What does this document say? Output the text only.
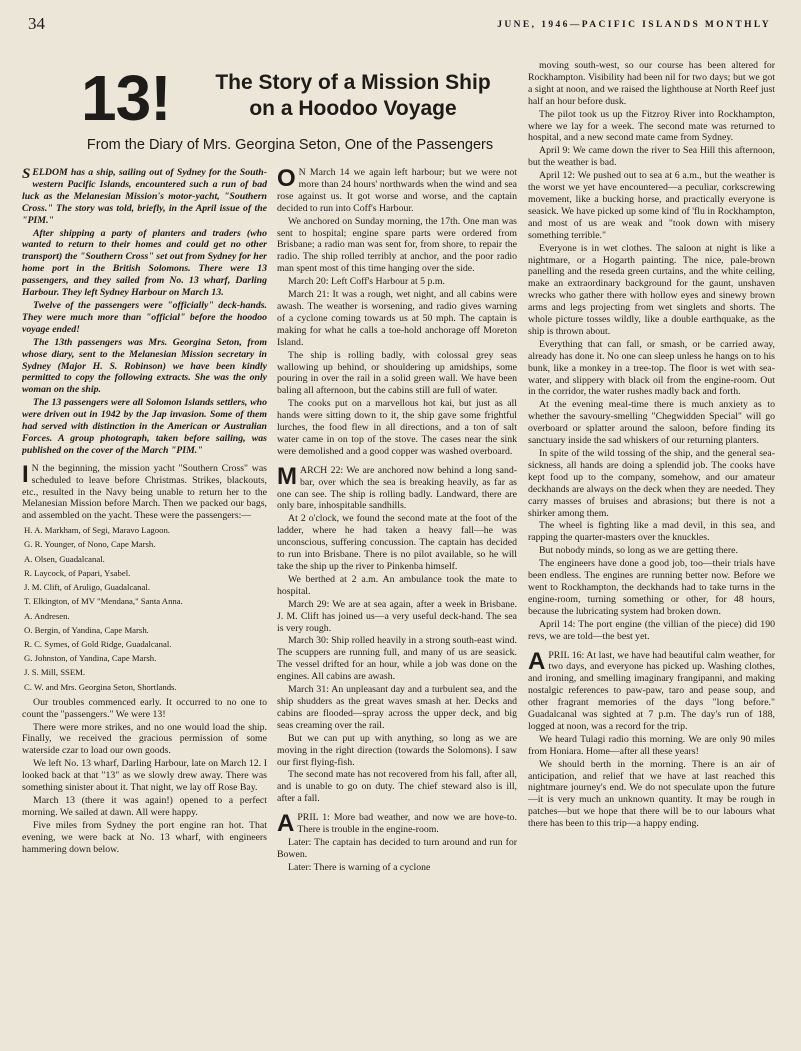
34	JUNE, 1946—PACIFIC ISLANDS MONTHLY
13!	The Story of a Mission Ship
on a Hoodoo Voyage
From the Diary of Mrs. Georgina Seton, One of the Passengers

SELDOM has a ship, sailing out of Sydney for the South-western Pacific Islands, encountered such a run of bad luck as the Melanesian Mission's motor-yacht, "Southern Cross." The story was told, briefly, in the April issue of the "PIM."

After shipping a party of planters and traders (who wanted to return to their homes and could get no other transport) the "Southern Cross" set out from Sydney for her home port in the British Solomons. There were 13 passengers, and they sailed from No. 13 wharf, Darling Harbour. They left Sydney Harbour on March 13.

Twelve of the passengers were "officially" deck-hands. They were much more than "official" before the hoodoo voyage ended!

The 13th passengers was Mrs. Georgina Seton, from whose diary, sent to the Melanesian Mission secretary in Sydney (Major H. S. Robinson) we have been kindly permitted to copy the following extracts. She was the only woman on the ship.

The 13 passengers were all Solomon Islands settlers, who were driven out in 1942 by the Jap invasion. Some of them had served with distinction in the American or Australian Forces. A group photograph, taken before sailing, was published on the cover of the March "PIM."

I N the beginning, the mission yacht "Southern Cross" was scheduled to leave before Christmas. Strikes, blackouts, etc., resulted in the Navy being unable to return her to the Melanesian Mission before March. Then we packed our bags, and assembled on the yacht. These were the passengers:—

H. A. Markham, of Segi, Maravo Lagoon.
G. R. Younger, of Nono, Cape Marsh.
A. Olsen, Guadalcanal.
R. Laycock, of Papari, Ysabel.
J. M. Clift, of Aruligo, Guadalcanal.
T. Elkington, of MV "Mendana," Santa Anna.
A. Andresen.
O. Bergin, of Yandina, Cape Marsh.
R. C. Symes, of Gold Ridge, Guadalcanal.
G. Johnston, of Yandina, Cape Marsh.
J. S. Mill, SSEM.
C. W. and Mrs. Georgina Seton, Shortlands.

Our troubles commenced early. It occurred to no one to count the "passengers." We were 13!

There were more strikes, and no one would load the ship. Finally, we received the gracious permission of some waterside czar to load our own goods.

We left No. 13 wharf, Darling Harbour, late on March 12. I looked back at that "13" as we slowly drew away. There was something sinister about it. That night, we lay off Rose Bay.

March 13 (there it was again!) opened to a perfect morning. We sailed at dawn. All were happy.

Five miles from Sydney the port engine ran hot. That evening, we were back at No. 13 wharf, with engineers hammering down below.

O N March 14 we again left harbour; but we were not more than 24 hours' northwards when the wind and sea rose against us. It got worse and worse, and the captain decided to run into Coff's Harbour.

We anchored on Sunday morning, the 17th. One man was sent to hospital; engine spare parts were ordered from Brisbane; a radio man was sent for, from shore, to repair the radio. The ship rolled terribly at anchor, and the poor radio man spent most of this time hanging over the side.

March 20: Left Coff's Harbour at 5 p.m.

March 21: It was a rough, wet night, and all cabins were awash. The weather is worsening, and radio gives warning of a cyclone coming towards us at 50 mph. The captain is making for what he calls a toe-hold anchorage off Moreton Island.

The ship is rolling badly, with colossal grey seas wallowing up behind, or shouldering up amidships, some pouring in over the rail in a solid green wall. We have been baling all afternoon, but the cabins still are full of water.

The cooks put on a marvellous hot kai, but just as all hands were sitting down to it, the ship gave some frightful lurches, the food flew in all directions, and a ton of salt water came in on top of the stove. The cases near the sink were demolished and a good copper was washed overboard.

MARCH 22: We are anchored now behind a long sand-bar, over which the sea is breaking heavily, as far as one can see. The ship is rolling badly. Landward, there are only bare, inhospitable sandhills.

At 2 o'clock, we found the second mate at the foot of the ladder, where he had taken a heavy fall—he was unconscious, suffering concussion. The captain has decided to run into Brisbane. There is no pilot available, so he will take the ship up the river to Pinkenba himself.

We berthed at 2 a.m. An ambulance took the mate to hospital.

March 29: We are at sea again, after a week in Brisbane. J. M. Clift has joined us—a very useful deck-hand. The sea is very rough.

March 30: Ship rolled heavily in a strong south-east wind. The scuppers are running full, and many of us are seasick. The vessel drifted for an hour, while a job was done on the engines. All cabins are awash.

March 31: An unpleasant day and a turbulent sea, and the ship shudders as the great waves smash at her. Decks and cabins are flooded—spray across the upper deck, and big seas creaming over the rail.

But we can put up with anything, so long as we are moving in the right direction (towards the Solomons). I saw our first flying-fish.

The second mate has not recovered from his fall, after all, and is unable to go on duty. The chief steward also is ill, after a fall.

APRIL 1: More bad weather, and now we are hove-to. There is trouble in the engine-room.

Later: The captain has decided to turn around and run for Bowen.

Later: There is warning of a cyclone

moving south-west, so our course has been altered for Rockhampton. Visibility had been nil for two days; but we got a sight at noon, and we raised the lighthouse at North Reef just half an hour before dusk.

The pilot took us up the Fitzroy River into Rockhampton, where we lay for a week. The second mate was returned to hospital, and a new second mate came from Sydney.

April 9: We came down the river to Sea Hill this afternoon, but the weather is bad.

April 12: We pushed out to sea at 6 a.m., but the weather is the worst we yet have encountered—a peculiar, corkscrewing movement, like a bucking horse, and practically everyone is seasick. We have picked up some kind of 'flu in Rockhampton, and most of us are weak and "took down with misery something terrible."

Everyone is in wet clothes. The saloon at night is like a nightmare, or a Hogarth painting. The nice, pale-brown panelling and the reseda green curtains, and the white ceiling, make an extraordinary background for the gaunt, unshaven wrecks who gather there with hollow eyes and sinewy brown arms and legs projecting from wet singlets and shorts. The whole picture tosses wildly, like a double earthquake, as the ship is thrown about.

Everything that can fall, or smash, or be carried away, already has done it. No one can sleep unless he hangs on to his bunk, like a monkey in a tree-top. The floor is wet with sea-water, and slippery with black oil from the engine-room. Out in the corridor, the water rushes madly back and forth.

At the evening meal-time there is much anxiety as to whether the savoury-smelling "Chegwidden Special" will go overboard or splatter around the saloon, before finding its sanctuary inside the sad whiskers of our returning planters.

In spite of the wild tossing of the ship, and the general sea-sickness, all hands are doing a splendid job. The cooks have kept food up to the company, somehow, and our amateur deckhands are always on the deck when they are needed. They carry masses of bruises and abrasions; but there is not a shirker among them.

The wheel is fighting like a mad devil, in this sea, and rapping the quarter-masters over the knuckles.

But nobody minds, so long as we are getting there.

The engineers have done a good job, too—their trials have been endless. The engines are running better now. Before we went to Rockhampton, the deckhands had to take turns in the engine-room, turning something or other, for 48 hours, because the lubricating system had broken down.

April 14: The port engine (the villian of the piece) did 190 revs, we are told—the best yet.

APRIL 16: At last, we have had beautiful calm weather, for two days, and everyone has picked up. Washing clothes, and ironing, and smelling imaginary frangipanni, and making nostalgic references to paw-paw, taro and pease soup, and other fragrant memories of the days "long before." Guadalcanal was sighted at 7 p.m. The day's run of 188, logged at noon, was a record for the trip.

We heard Tulagi radio this morning. We are only 90 miles from Honiara. Home—after all these years!

We should berth in the morning. There is an air of anticipation, and relief that we have at last reached this nightmare journey's end. We do not speculate upon the future—it is very much an unknown quantity. It may be rough in patches—but we hope that there will be to our labours what there has been to this trip—a happy ending.
